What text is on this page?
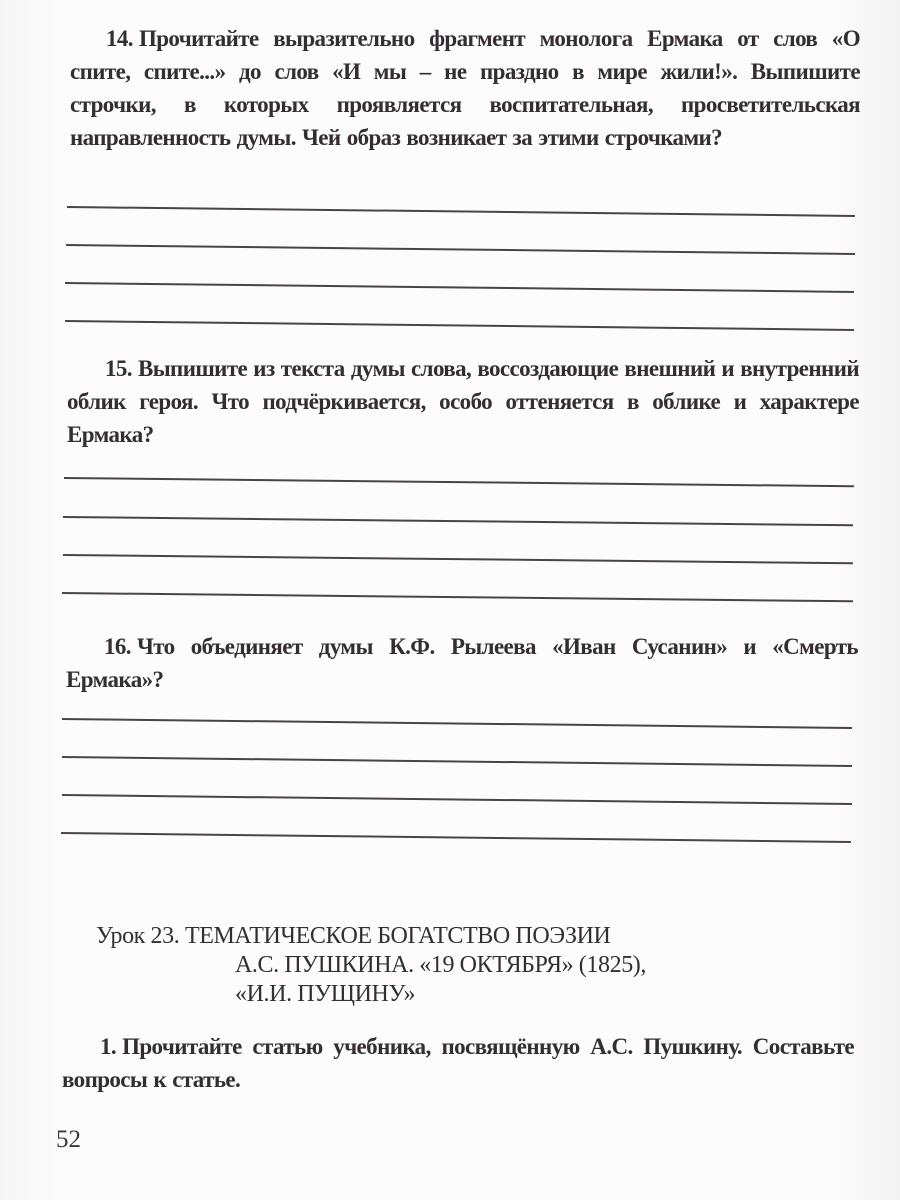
14. Прочитайте выразительно фрагмент монолога Ермака от слов «О спите, спите...» до слов «И мы – не праздно в мире жили!». Выпишите строчки, в которых проявляется воспитательная, просветительская направленность думы. Чей образ возникает за этими строчками?
15. Выпишите из текста думы слова, воссоздающие внешний и внутренний облик героя. Что подчёркивается, особо оттеняется в облике и характере Ермака?
16. Что объединяет думы К.Ф. Рылеева «Иван Сусанин» и «Смерть Ермака»?
Урок 23. ТЕМАТИЧЕСКОЕ БОГАТСТВО ПОЭЗИИ
А.С. ПУШКИНА. «19 ОКТЯБРЯ» (1825),
«И.И. ПУЩИНУ»
1. Прочитайте статью учебника, посвящённую А.С. Пушкину. Составьте вопросы к статье.
52
